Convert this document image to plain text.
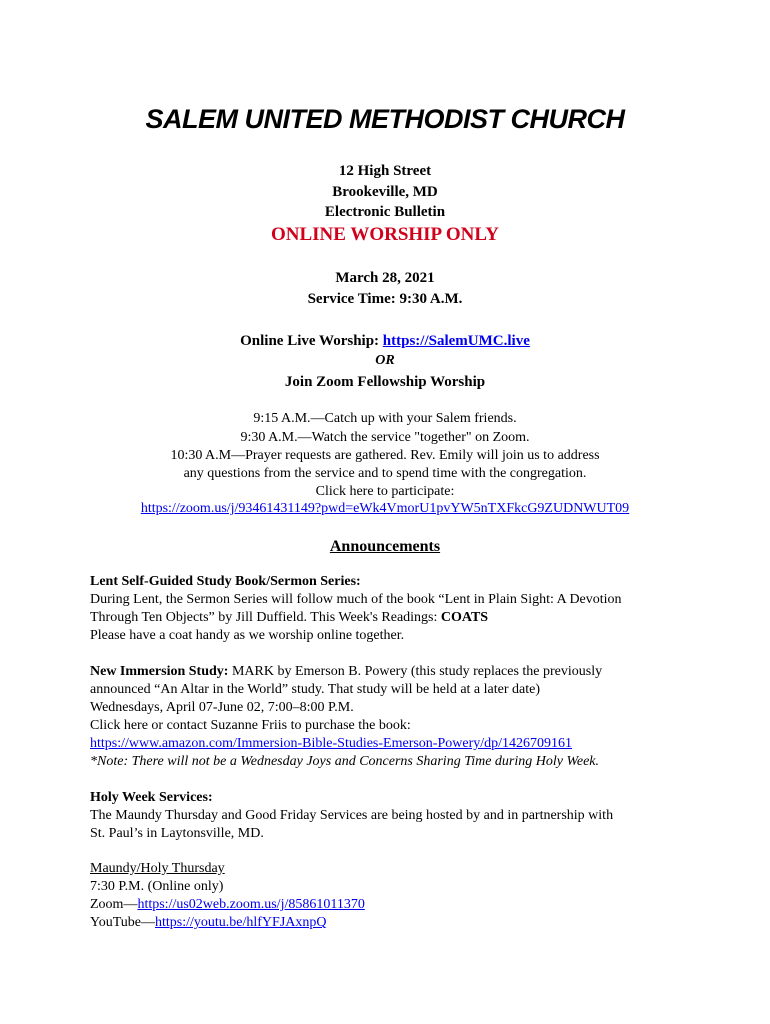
SALEM UNITED METHODIST CHURCH
12 High Street
Brookeville, MD
Electronic Bulletin
ONLINE WORSHIP ONLY
March 28, 2021
Service Time: 9:30 A.M.
Online Live Worship: https://SalemUMC.live
OR
Join Zoom Fellowship Worship
9:15 A.M.—Catch up with your Salem friends.
9:30 A.M.—Watch the service "together" on Zoom.
10:30 A.M—Prayer requests are gathered. Rev. Emily will join us to address
any questions from the service and to spend time with the congregation.
Click here to participate:
https://zoom.us/j/93461431149?pwd=eWk4VmorU1pvYW5nTXFkcG9ZUDNWUT09
Announcements
Lent Self-Guided Study Book/Sermon Series:
During Lent, the Sermon Series will follow much of the book “Lent in Plain Sight: A Devotion
Through Ten Objects” by Jill Duffield. This Week's Readings: COATS
Please have a coat handy as we worship online together.
New Immersion Study: MARK by Emerson B. Powery (this study replaces the previously
announced “An Altar in the World” study. That study will be held at a later date)
Wednesdays, April 07-June 02, 7:00–8:00 P.M.
Click here or contact Suzanne Friis to purchase the book:
https://www.amazon.com/Immersion-Bible-Studies-Emerson-Powery/dp/1426709161
*Note: There will not be a Wednesday Joys and Concerns Sharing Time during Holy Week.
Holy Week Services:
The Maundy Thursday and Good Friday Services are being hosted by and in partnership with
St. Paul’s in Laytonsville, MD.
Maundy/Holy Thursday
7:30 P.M. (Online only)
Zoom—https://us02web.zoom.us/j/85861011370
YouTube—https://youtu.be/hlfYFJAxnpQ
